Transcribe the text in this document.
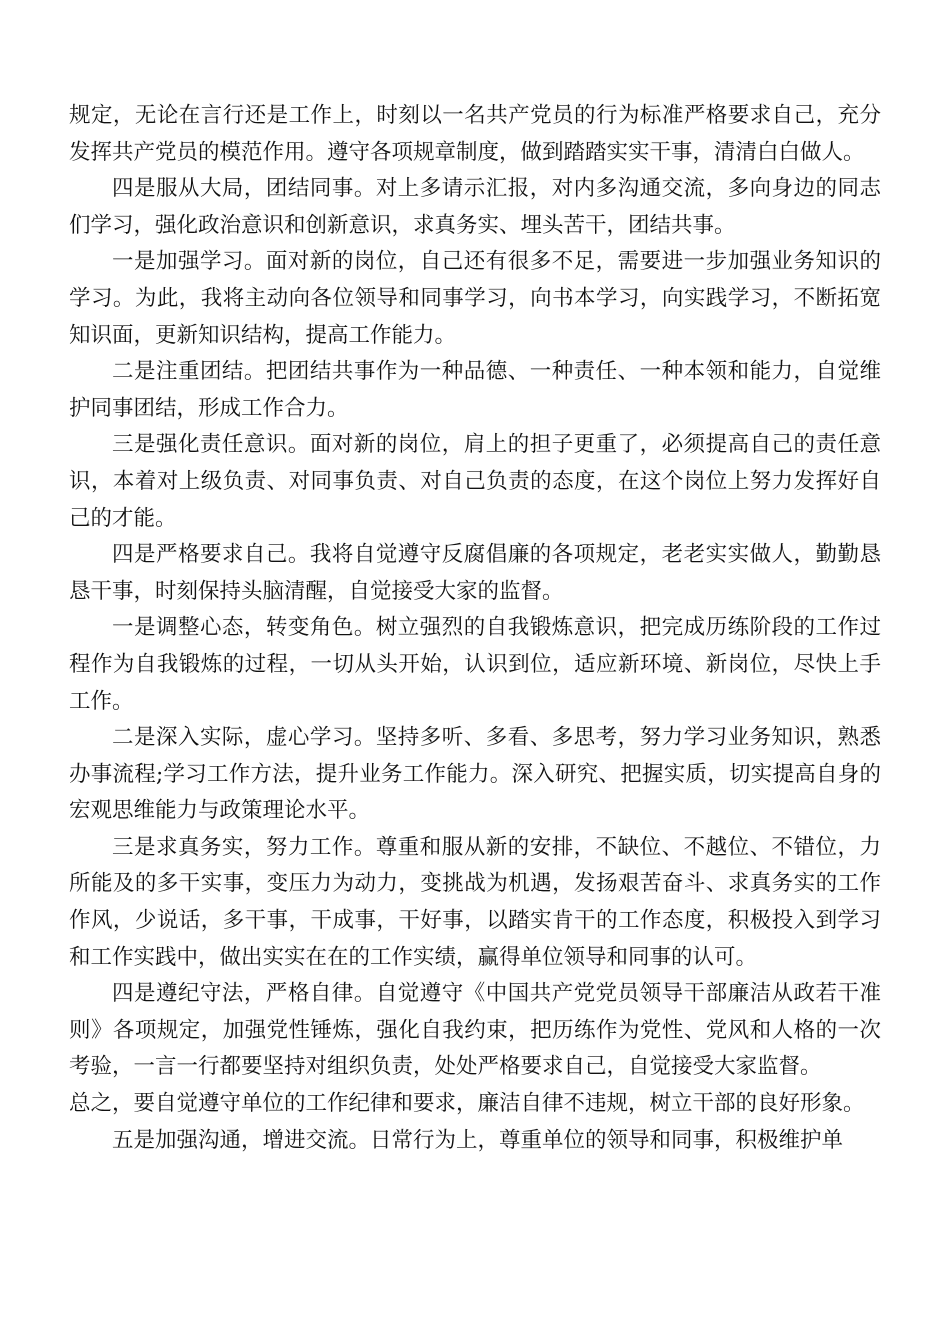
规定，无论在言行还是工作上，时刻以一名共产党员的行为标准严格要求自己，充分发挥共产党员的模范作用。遵守各项规章制度，做到踏踏实实干事，清清白白做人。

四是服从大局，团结同事。对上多请示汇报，对内多沟通交流，多向身边的同志们学习，强化政治意识和创新意识，求真务实、埋头苦干，团结共事。

一是加强学习。面对新的岗位，自己还有很多不足，需要进一步加强业务知识的学习。为此，我将主动向各位领导和同事学习，向书本学习，向实践学习，不断拓宽知识面，更新知识结构，提高工作能力。

二是注重团结。把团结共事作为一种品德、一种责任、一种本领和能力，自觉维护同事团结，形成工作合力。

三是强化责任意识。面对新的岗位，肩上的担子更重了，必须提高自己的责任意识，本着对上级负责、对同事负责、对自己负责的态度，在这个岗位上努力发挥好自己的才能。

四是严格要求自己。我将自觉遵守反腐倡廉的各项规定，老老实实做人，勤勤恳恳干事，时刻保持头脑清醒，自觉接受大家的监督。

一是调整心态，转变角色。树立强烈的自我锻炼意识，把完成历练阶段的工作过程作为自我锻炼的过程，一切从头开始，认识到位，适应新环境、新岗位，尽快上手工作。

二是深入实际，虚心学习。坚持多听、多看、多思考，努力学习业务知识，熟悉办事流程;学习工作方法，提升业务工作能力。深入研究、把握实质，切实提高自身的宏观思维能力与政策理论水平。

三是求真务实，努力工作。尊重和服从新的安排，不缺位、不越位、不错位，力所能及的多干实事，变压力为动力，变挑战为机遇，发扬艰苦奋斗、求真务实的工作作风，少说话，多干事，干成事，干好事，以踏实肯干的工作态度，积极投入到学习和工作实践中，做出实实在在的工作实绩，赢得单位领导和同事的认可。

四是遵纪守法，严格自律。自觉遵守《中国共产党党员领导干部廉洁从政若干准则》各项规定，加强党性锤炼，强化自我约束，把历练作为党性、党风和人格的一次考验，一言一行都要坚持对组织负责，处处严格要求自己，自觉接受大家监督。

总之，要自觉遵守单位的工作纪律和要求，廉洁自律不违规，树立干部的良好形象。

五是加强沟通，增进交流。日常行为上，尊重单位的领导和同事，积极维护单
